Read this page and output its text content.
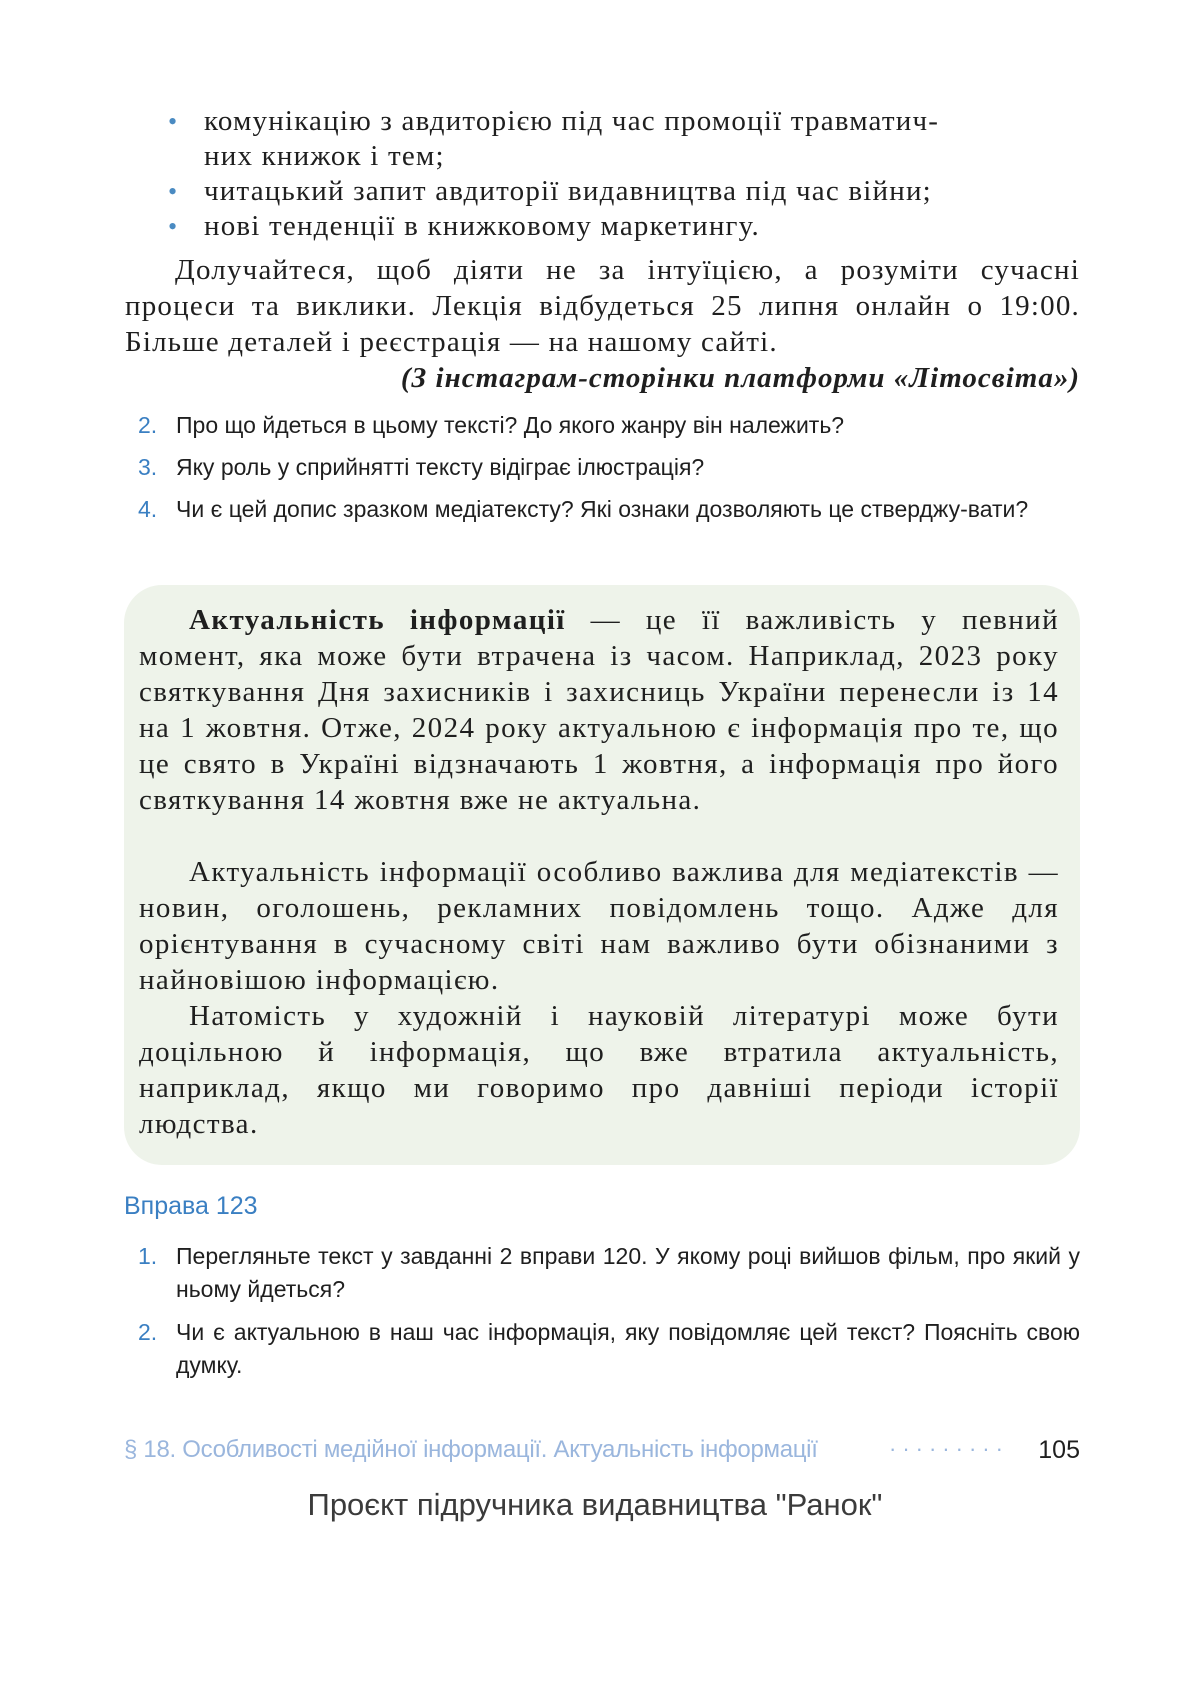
• комунікацію з авдиторією під час промоції травматич-
них книжок і тем;
• читацький запит авдиторії видавництва під час війни;
• нові тенденції в книжковому маркетингу.

Долучайтеся, щоб діяти не за інтуїцією, а розуміти сучасні процеси та виклики. Лекція відбудеться 25 липня онлайн о 19:00. Більше деталей і реєстрація — на нашому сайті.

(З інстаграм-сторінки платформи «Літосвіта»)

2. Про що йдеться в цьому тексті? До якого жанру він належить?
3. Яку роль у сприйнятті тексту відіграє ілюстрація?
4. Чи є цей допис зразком медіатексту? Які ознаки дозволяють це стверджу-вати?

Актуальність інформації — це її важливість у певний момент, яка може бути втрачена із часом. Наприклад, 2023 року святкування Дня захисників і захисниць України перенесли із 14 на 1 жовтня. Отже, 2024 року актуальною є інформація про те, що це свято в Україні відзначають 1 жовтня, а інформація про його святкування 14 жовтня вже не актуальна.

Актуальність інформації особливо важлива для медіатекстів — новин, оголошень, рекламних повідомлень тощо. Адже для орієнтування в сучасному світі нам важливо бути обізнаними з найновішою інформацією.

Натомість у художній і науковій літературі може бути доцільною й інформація, що вже втратила актуальність, наприклад, якщо ми говоримо про давніші періоди історії людства.

Вправа 123

1. Перегляньте текст у завданні 2 вправи 120. У якому році вийшов фільм, про який у ньому йдеться?
2. Чи є актуальною в наш час інформація, яку повідомляє цей текст? Поясніть свою думку.
§ 18. Особливості медійної інформації. Актуальність інформації	········· 105

Проєкт підручника видавництва "Ранок"
